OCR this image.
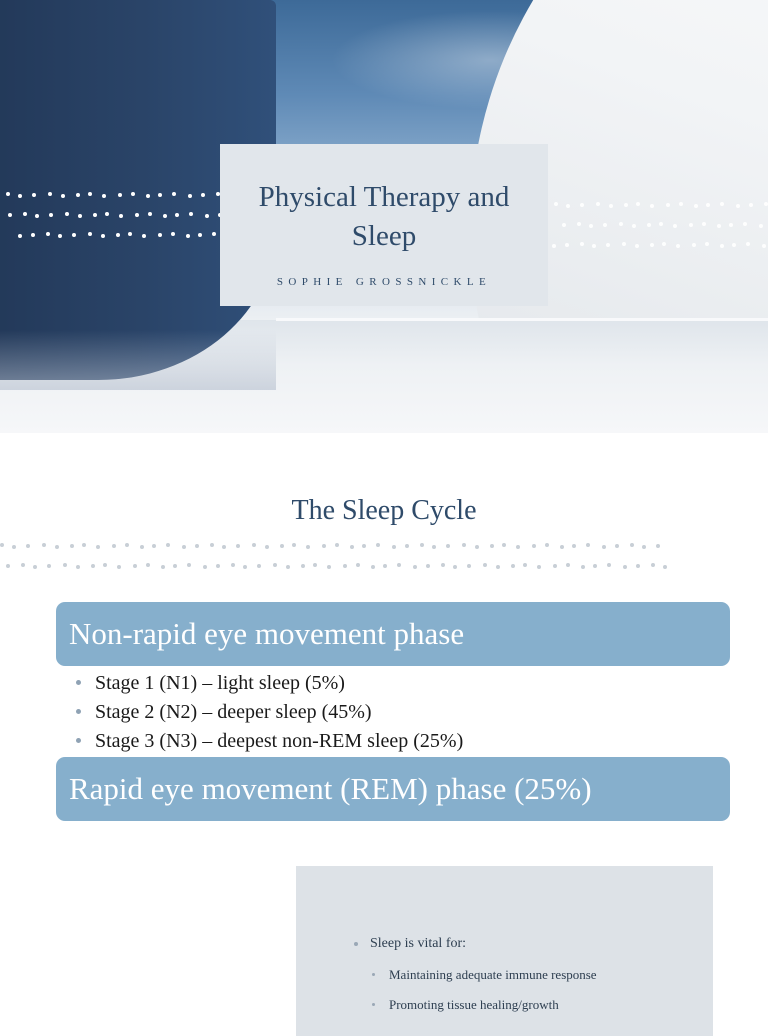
Physical Therapy and Sleep
SOPHIE GROSSNICKLE
The Sleep Cycle
Non-rapid eye movement phase
Stage 1 (N1) – light sleep (5%)
Stage 2 (N2) – deeper sleep (45%)
Stage 3 (N3) – deepest non-REM sleep (25%)
Rapid eye movement (REM) phase (25%)
Sleep is vital for:
Maintaining adequate immune response
Promoting tissue healing/growth
